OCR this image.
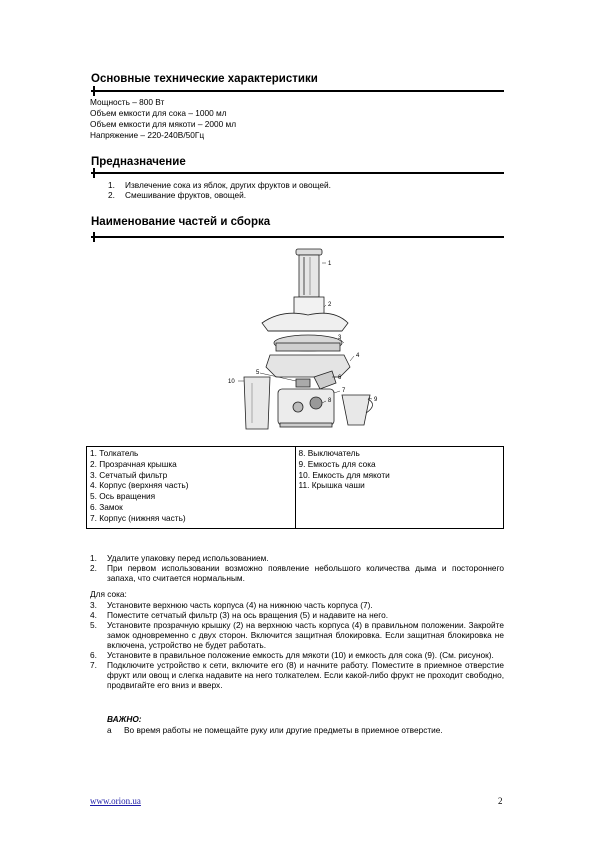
Основные технические характеристики

Мощность – 800 Вт

Объем емкости для сока – 1000 мл

Объем емкости для мякоти – 2000 мл

Напряжение – 220-240В/50Гц

Предназначение
1. Извлечение сока из яблок, других фруктов и овощей.
2. Смешивание фруктов, овощей.
Наименование частей и сборка
1
2
3
4
5
6
7
8	9
10
1. Толкатель
2. Прозрачная крышка
3. Сетчатый фильтр
4. Корпус (верхняя часть)
5. Ось вращения
6. Замок
7. Корпус (нижняя часть)

8. Выключатель
9. Емкость для сока
10. Емкость для мякоти
11. Крышка чаши
1. Удалите упаковку перед использованием.
2. При первом использовании возможно появление небольшого количества дыма и постороннего запаха, что считается нормальным.

Для сока:

3. Установите верхнюю часть корпуса (4) на нижнюю часть корпуса (7).
4. Поместите сетчатый фильтр (3) на ось вращения (5) и надавите на него.
5. Установите прозрачную крышку (2) на верхнюю часть корпуса (4) в правильном положении. Закройте замок одновременно с двух сторон. Включится защитная блокировка. Если защитная блокировка не включена, устройство не будет работать.
6. Установите в правильное положение емкость для мякоти (10) и емкость для сока (9). (См. рисунок).
7. Подключите устройство к сети, включите его (8) и начните работу. Поместите в приемное отверстие фрукт или овощ и слегка надавите на него толкателем. Если какой-либо фрукт не проходит свободно, продвигайте его вниз и вверх.

ВАЖНО:

а Во время работы не помещайте руку или другие предметы в приемное отверстие.
www.orion.ua	2
